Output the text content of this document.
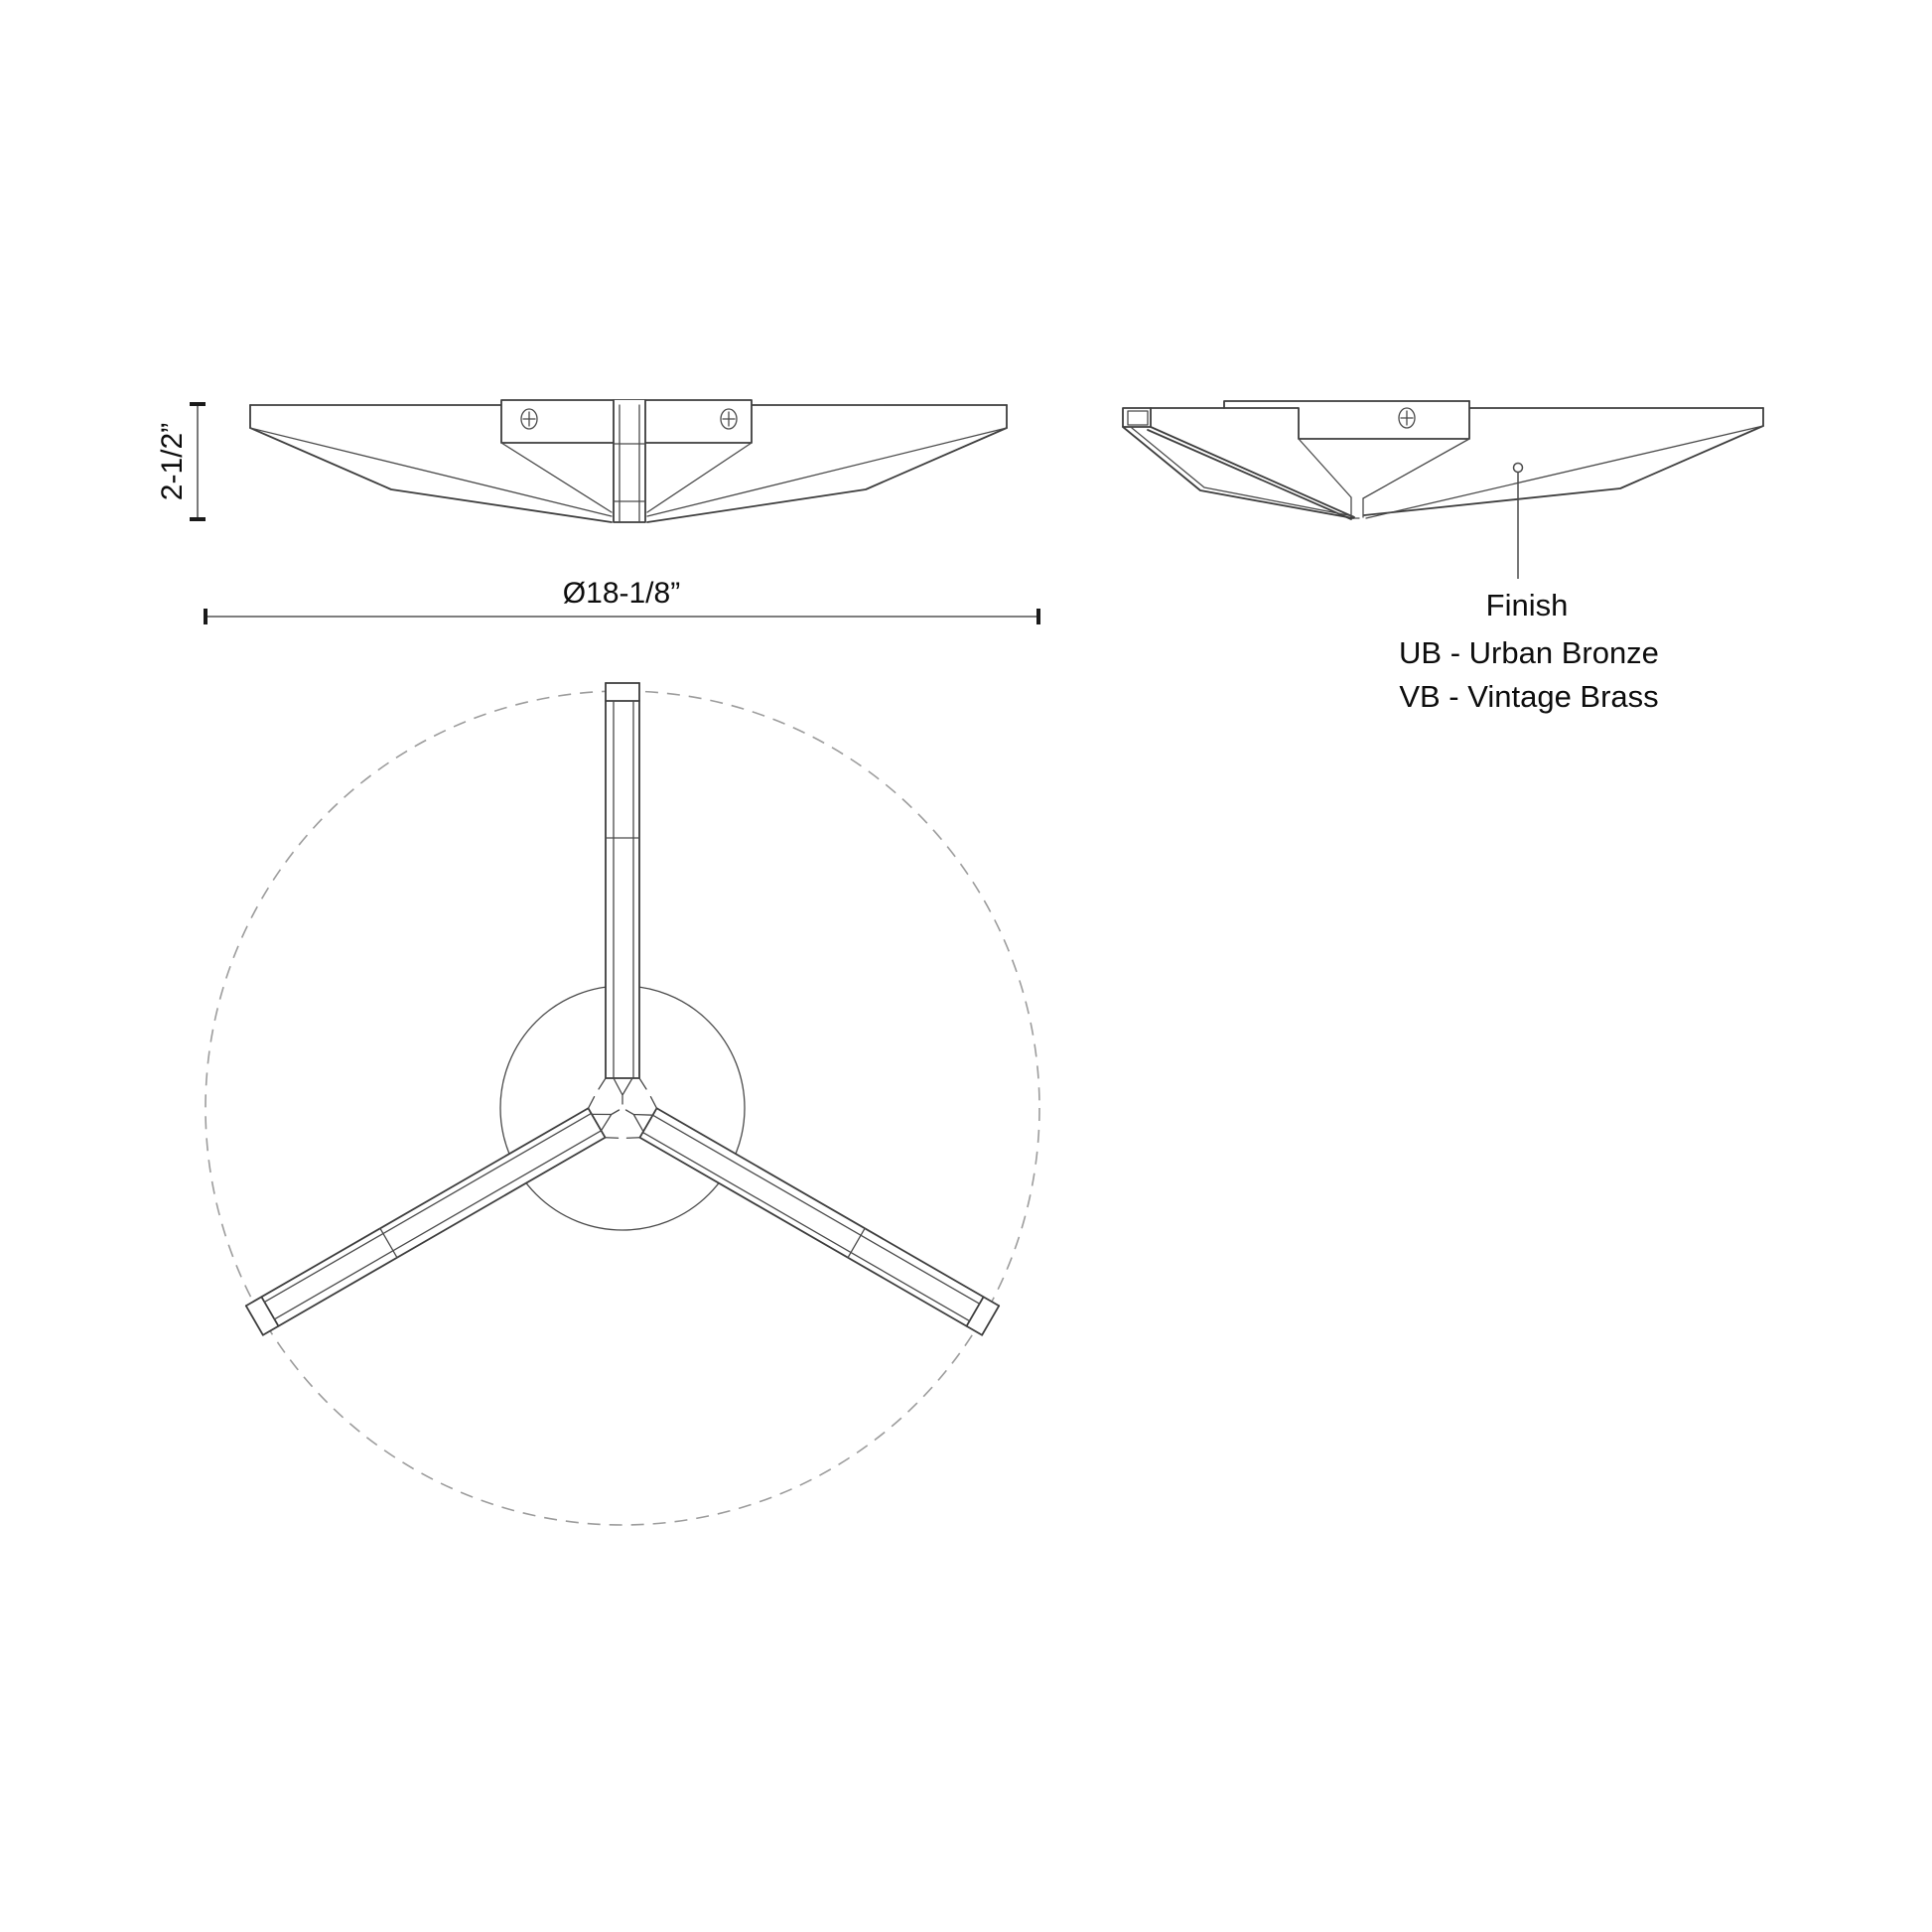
2-1/2”
Ø18-1/8”	Finish
UB - Urban Bronze
VB - Vintage Brass
